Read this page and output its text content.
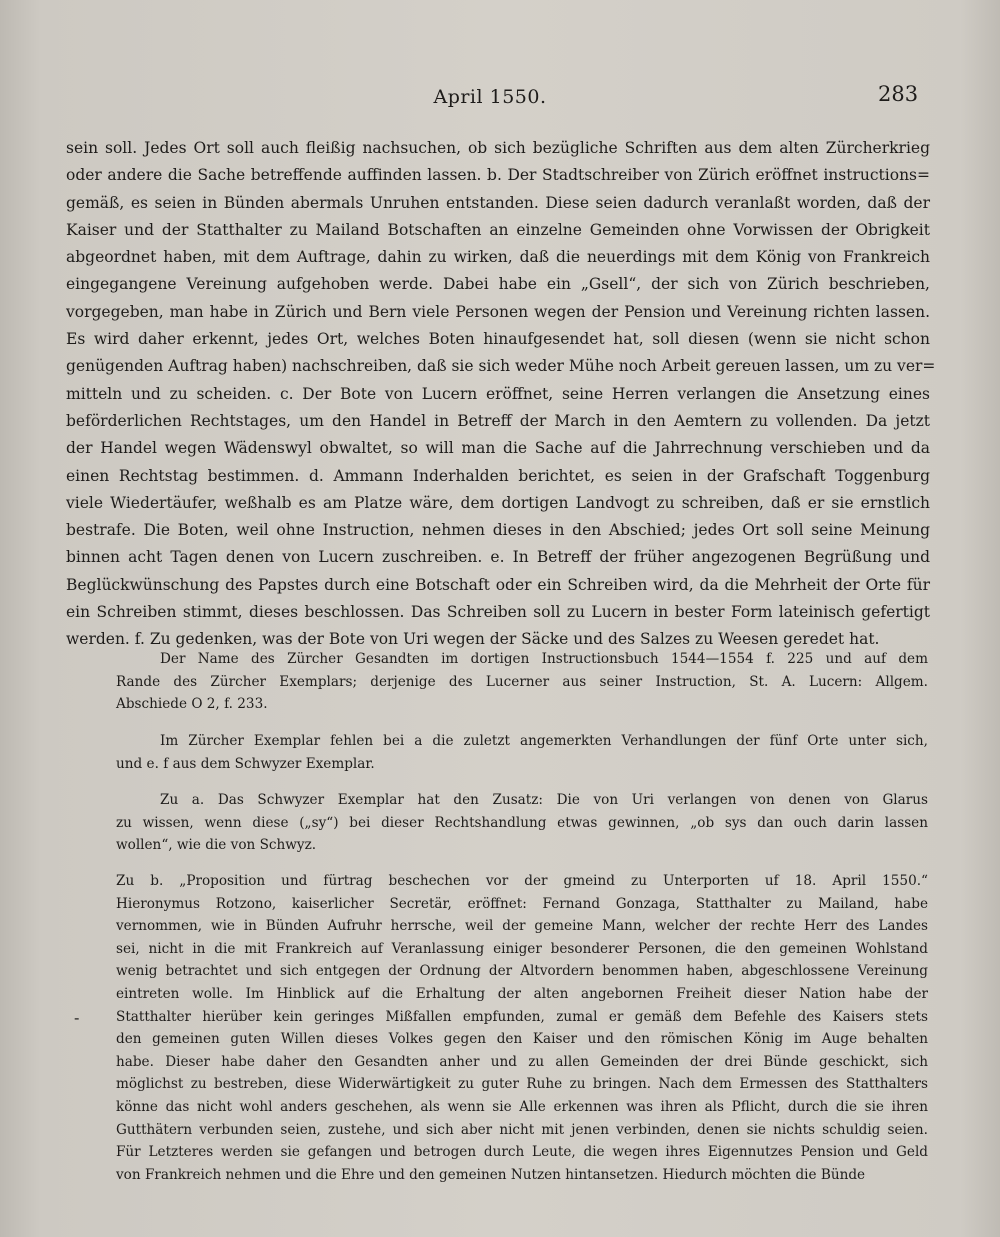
April 1550.	283
sein soll. Jedes Ort soll auch fleißig nachsuchen, ob sich bezügliche Schriften aus dem alten Zürcherkrieg
oder andere die Sache betreffende auffinden lassen. b. Der Stadtschreiber von Zürich eröffnet instructions=
gemäß, es seien in Bünden abermals Unruhen entstanden. Diese seien dadurch veranlaßt worden, daß der
Kaiser und der Statthalter zu Mailand Botschaften an einzelne Gemeinden ohne Vorwissen der Obrigkeit
abgeordnet haben, mit dem Auftrage, dahin zu wirken, daß die neuerdings mit dem König von Frankreich
eingegangene Vereinung aufgehoben werde. Dabei habe ein „Gsell“, der sich von Zürich beschrieben,
vorgegeben, man habe in Zürich und Bern viele Personen wegen der Pension und Vereinung richten lassen.
Es wird daher erkennt, jedes Ort, welches Boten hinaufgesendet hat, soll diesen (wenn sie nicht schon
genügenden Auftrag haben) nachschreiben, daß sie sich weder Mühe noch Arbeit gereuen lassen, um zu ver=
mitteln und zu scheiden. c. Der Bote von Lucern eröffnet, seine Herren verlangen die Ansetzung eines
beförderlichen Rechtstages, um den Handel in Betreff der March in den Aemtern zu vollenden. Da jetzt
der Handel wegen Wädenswyl obwaltet, so will man die Sache auf die Jahrrechnung verschieben und da
einen Rechtstag bestimmen. d. Ammann Inderhalden berichtet, es seien in der Grafschaft Toggenburg
viele Wiedertäufer, weßhalb es am Platze wäre, dem dortigen Landvogt zu schreiben, daß er sie ernstlich
bestrafe. Die Boten, weil ohne Instruction, nehmen dieses in den Abschied; jedes Ort soll seine Meinung
binnen acht Tagen denen von Lucern zuschreiben. e. In Betreff der früher angezogenen Begrüßung und
Beglückwünschung des Papstes durch eine Botschaft oder ein Schreiben wird, da die Mehrheit der Orte für
ein Schreiben stimmt, dieses beschlossen. Das Schreiben soll zu Lucern in bester Form lateinisch gefertigt
werden. f. Zu gedenken, was der Bote von Uri wegen der Säcke und des Salzes zu Weesen geredet hat.
Der Name des Zürcher Gesandten im dortigen Instructionsbuch 1544—1554 f. 225 und auf dem
Rande des Zürcher Exemplars; derjenige des Lucerner aus seiner Instruction, St. A. Lucern: Allgem.
Abschiede O 2, f. 233.
Im Zürcher Exemplar fehlen bei a die zuletzt angemerkten Verhandlungen der fünf Orte unter sich,
und e. f aus dem Schwyzer Exemplar.
Zu a. Das Schwyzer Exemplar hat den Zusatz: Die von Uri verlangen von denen von Glarus
zu wissen, wenn diese („sy“) bei dieser Rechtshandlung etwas gewinnen, „ob sys dan ouch darin lassen
wollen“, wie die von Schwyz.
Zu b. „Proposition und fürtrag beschechen vor der gmeind zu Unterporten uf 18. April 1550.“
Hieronymus Rotzono, kaiserlicher Secretär, eröffnet: Fernand Gonzaga, Statthalter zu Mailand, habe
vernommen, wie in Bünden Aufruhr herrsche, weil der gemeine Mann, welcher der rechte Herr des Landes
sei, nicht in die mit Frankreich auf Veranlassung einiger besonderer Personen, die den gemeinen Wohlstand
wenig betrachtet und sich entgegen der Ordnung der Altvordern benommen haben, abgeschlossene Vereinung
eintreten wolle. Im Hinblick auf die Erhaltung der alten angebornen Freiheit dieser Nation habe der
Statthalter hierüber kein geringes Mißfallen empfunden, zumal er gemäß dem Befehle des Kaisers stets
den gemeinen guten Willen dieses Volkes gegen den Kaiser und den römischen König im Auge behalten
habe. Dieser habe daher den Gesandten anher und zu allen Gemeinden der drei Bünde geschickt, sich
möglichst zu bestreben, diese Widerwärtigkeit zu guter Ruhe zu bringen. Nach dem Ermessen des Statthalters
könne das nicht wohl anders geschehen, als wenn sie Alle erkennen was ihren als Pflicht, durch die sie ihren
Gutthätern verbunden seien, zustehe, und sich aber nicht mit jenen verbinden, denen sie nichts schuldig seien.
Für Letzteres werden sie gefangen und betrogen durch Leute, die wegen ihres Eigennutzes Pension und Geld
von Frankreich nehmen und die Ehre und den gemeinen Nutzen hintansetzen. Hiedurch möchten die Bünde
-
